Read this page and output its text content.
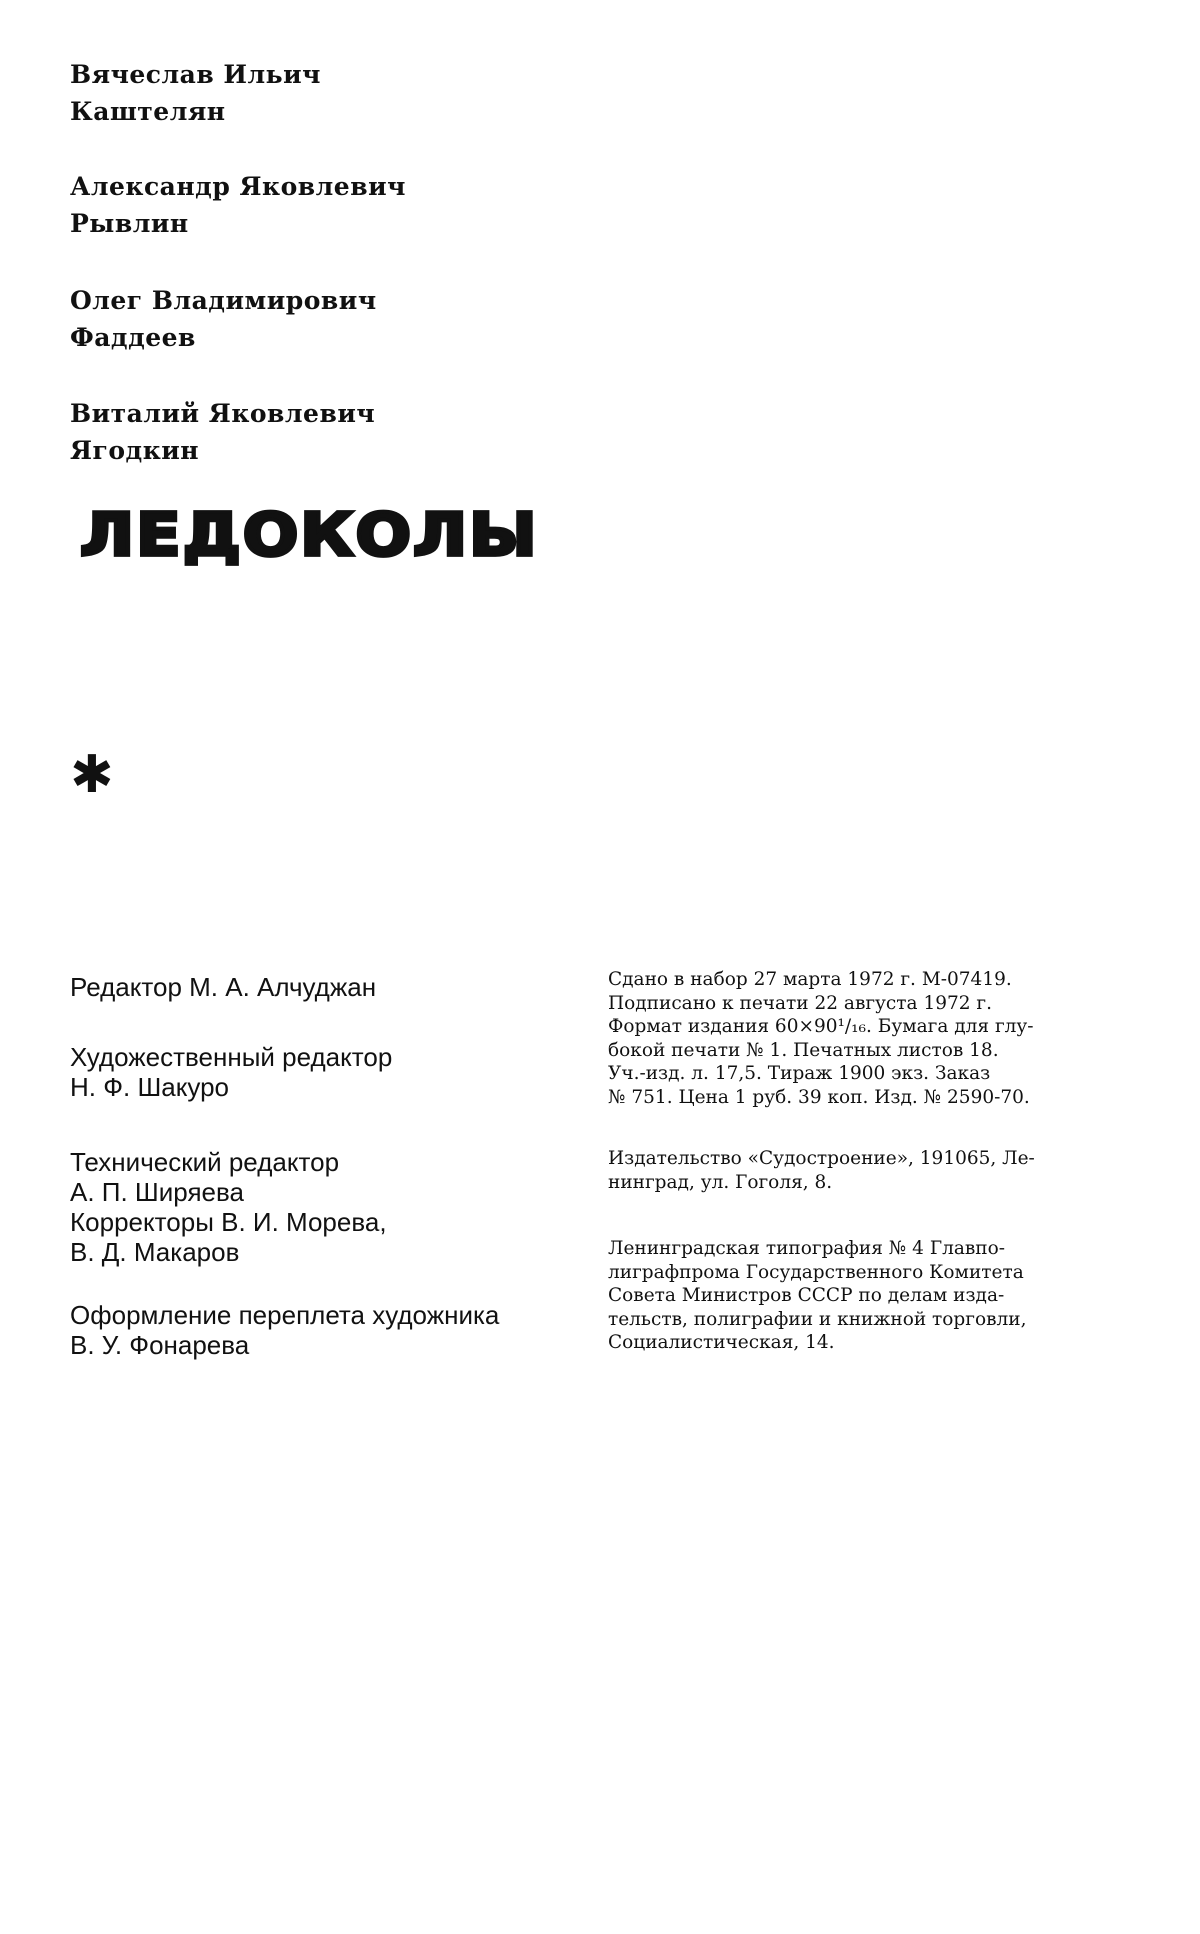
Вячеслав Ильич
Каштелян
Александр Яковлевич
Рывлин
Олег Владимирович
Фаддеев
Виталий Яковлевич
Ягодкин
ЛЕДОКОЛЫ
✱
Редактор М. А. Алчуджан
Художественный редактор
Н. Ф. Шакуро
Технический редактор
А. П. Ширяева
Корректоры В. И. Морева,
В. Д. Макаров
Оформление переплета художника
В. У. Фонарева
Сдано в набор 27 марта 1972 г. М-07419.
Подписано к печати 22 августа 1972 г.
Формат издания 60×90¹/₁₆. Бумага для глу-
бокой печати № 1. Печатных листов 18.
Уч.-изд. л. 17,5. Тираж 1900 экз. Заказ
№ 751. Цена 1 руб. 39 коп. Изд. № 2590-70.
Издательство «Судостроение», 191065, Ле-
нинград, ул. Гоголя, 8.
Ленинградская типография № 4 Главпо-
лиграфпрома Государственного Комитета
Совета Министров СССР по делам изда-
тельств, полиграфии и книжной торговли,
Социалистическая, 14.
